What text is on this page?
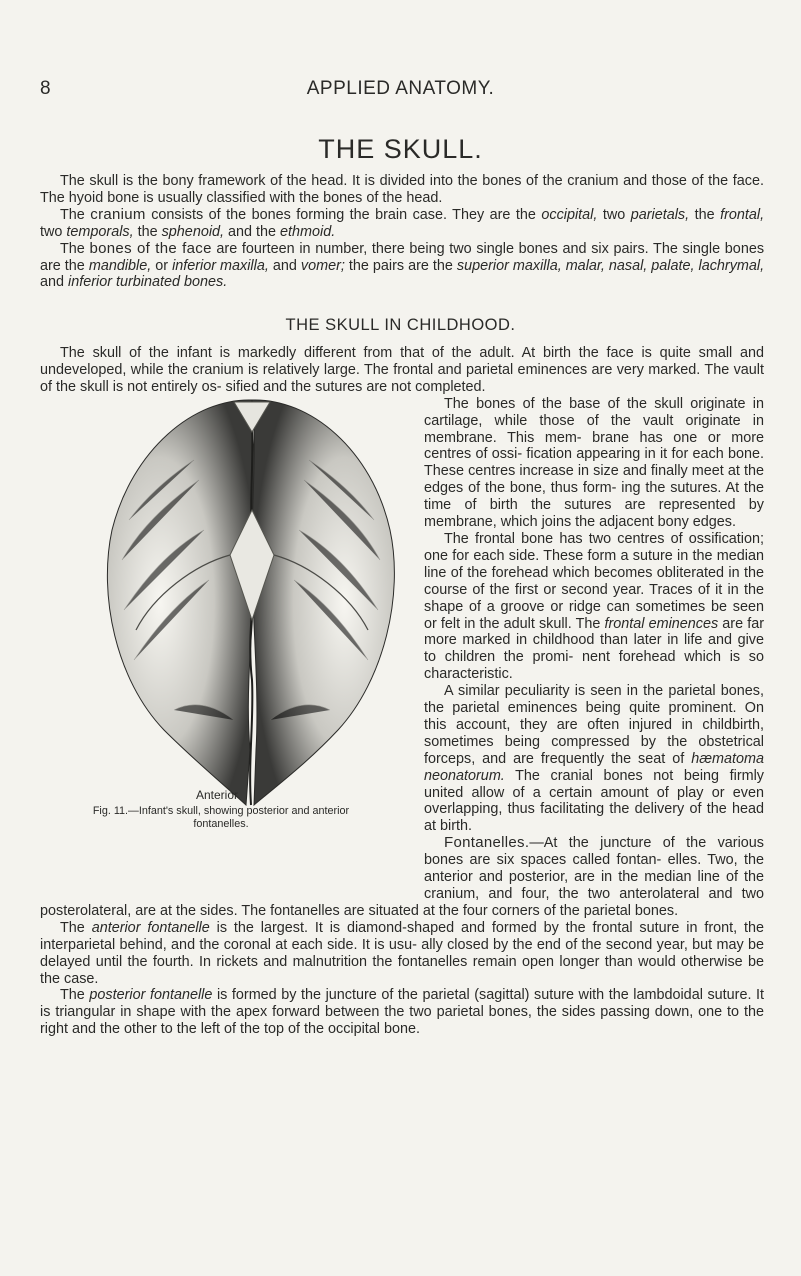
8	APPLIED ANATOMY.
THE SKULL.

The skull is the bony framework of the head. It is divided into the bones of the cranium and those of the face. The hyoid bone is usually classified with the bones of the head.

The cranium consists of the bones forming the brain case. They are the occipital, two parietals, the frontal, two temporals, the sphenoid, and the ethmoid.

The bones of the face are fourteen in number, there being two single bones and six pairs. The single bones are the mandible, or inferior maxilla, and vomer; the pairs are the superior maxilla, malar, nasal, palate, lachrymal, and inferior turbinated bones.

THE SKULL IN CHILDHOOD.

The skull of the infant is markedly different from that of the adult. At birth the face is quite small and undeveloped, while the cranium is relatively large. The frontal and parietal eminences are very marked. The vault of the skull is not entirely os- sified and the sutures are not completed.

The bones of the base of the skull originate in cartilage, while those of the vault originate in membrane. This mem- brane has one or more centres of ossi- fication appearing in it for each bone. These centres increase in size and finally meet at the edges of the bone, thus form- ing the sutures. At the time of birth the sutures are represented by membrane, which joins the adjacent bony edges.

The frontal bone has two centres of ossification; one for each side. These form a suture in the median line of the forehead which becomes obliterated in the course of the first or second year. Traces of it in the shape of a groove or ridge can sometimes be seen or felt in the adult skull. The frontal eminences are far more marked in childhood than later in life and give to children the promi- nent forehead which is so characteristic.

A similar peculiarity is seen in the parietal bones, the parietal eminences being quite prominent. On this account, they are often injured in childbirth, sometimes being compressed by the obstetrical forceps, and are frequently the seat of hæmatoma neonatorum. The cranial bones not being firmly united allow of a certain amount of play or even overlapping, thus facilitating the delivery of the head at birth.

Fontanelles.—At the juncture of the various bones are six spaces called fontan- elles. Two, the anterior and posterior, are in the median line of the cranium, and four, the two anterolateral and two posterolateral, are at the sides. The fontanelles are situated at the four corners of the parietal bones.

The anterior fontanelle is the largest. It is diamond-shaped and formed by the frontal suture in front, the interparietal behind, and the coronal at each side. It is usu- ally closed by the end of the second year, but may be delayed until the fourth. In rickets and malnutrition the fontanelles remain open longer than would otherwise be the case.

The posterior fontanelle is formed by the juncture of the parietal (sagittal) suture with the lambdoidal suture. It is triangular in shape with the apex forward between the two parietal bones, the sides passing down, one to the right and the other to the left of the top of the occipital bone.

Anterior.
Fig. 11.—Infant's skull, showing posterior and anterior
fontanelles.
